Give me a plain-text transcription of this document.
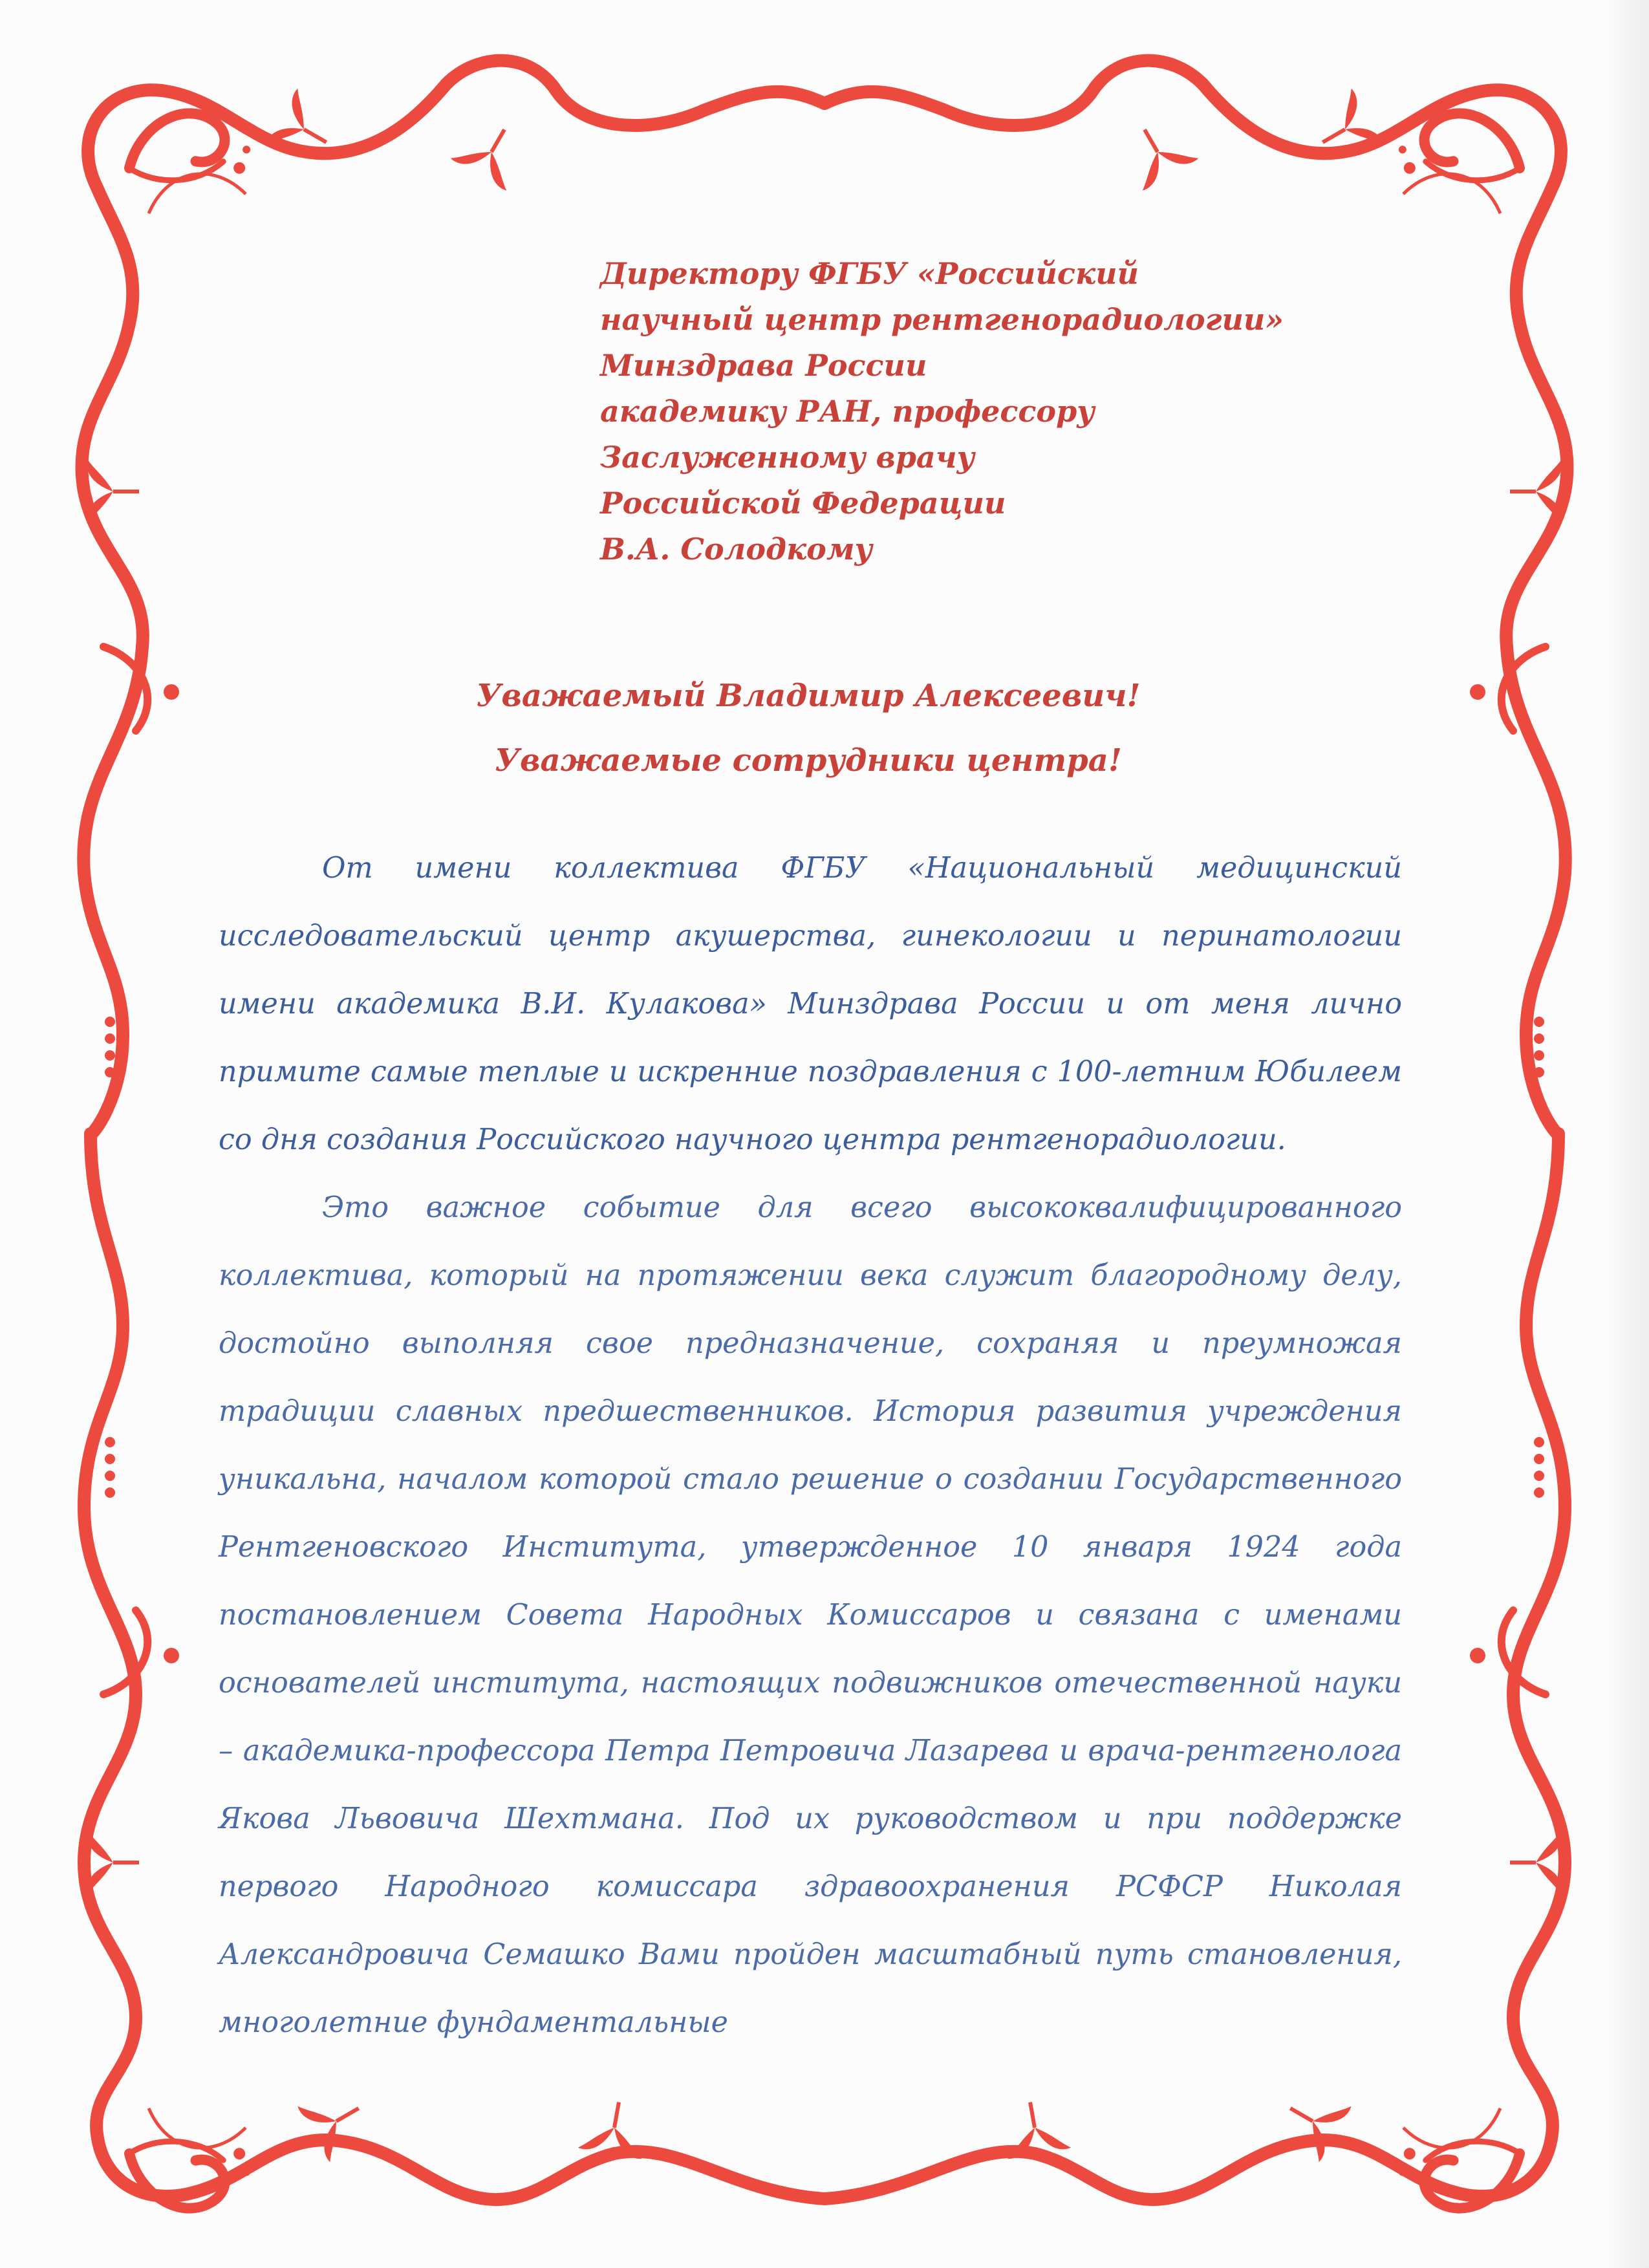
Директору ФГБУ «Российский
научный центр рентгенорадиологии»
Минздрава России
академику РАН, профессору
Заслуженному врачу
Российской Федерации
В.А. Солодкому
Уважаемый Владимир Алексеевич!
Уважаемые сотрудники центра!

От имени коллектива ФГБУ «Национальный медицинский исследовательский центр акушерства, гинекологии и перинатологии имени академика В.И. Кулакова» Минздрава России и от меня лично примите самые теплые и искренние поздравления с 100-летним Юбилеем со дня создания Российского научного центра рентгенорадиологии.

Это важное событие для всего высококвалифицированного коллектива, который на протяжении века служит благородному делу, достойно выполняя свое предназначение, сохраняя и преумножая традиции славных предшественников. История развития учреждения уникальна, началом которой стало решение о создании Государственного Рентгеновского Института, утвержденное 10 января 1924 года постановлением Совета Народных Комиссаров и связана с именами основателей института, настоящих подвижников отечественной науки – академика-профессора Петра Петровича Лазарева и врача-рентгенолога Якова Львовича Шехтмана. Под их руководством и при поддержке первого Народного комиссара здравоохранения РСФСР Николая Александровича Семашко Вами пройден масштабный путь становления, многолетние фундаментальные
